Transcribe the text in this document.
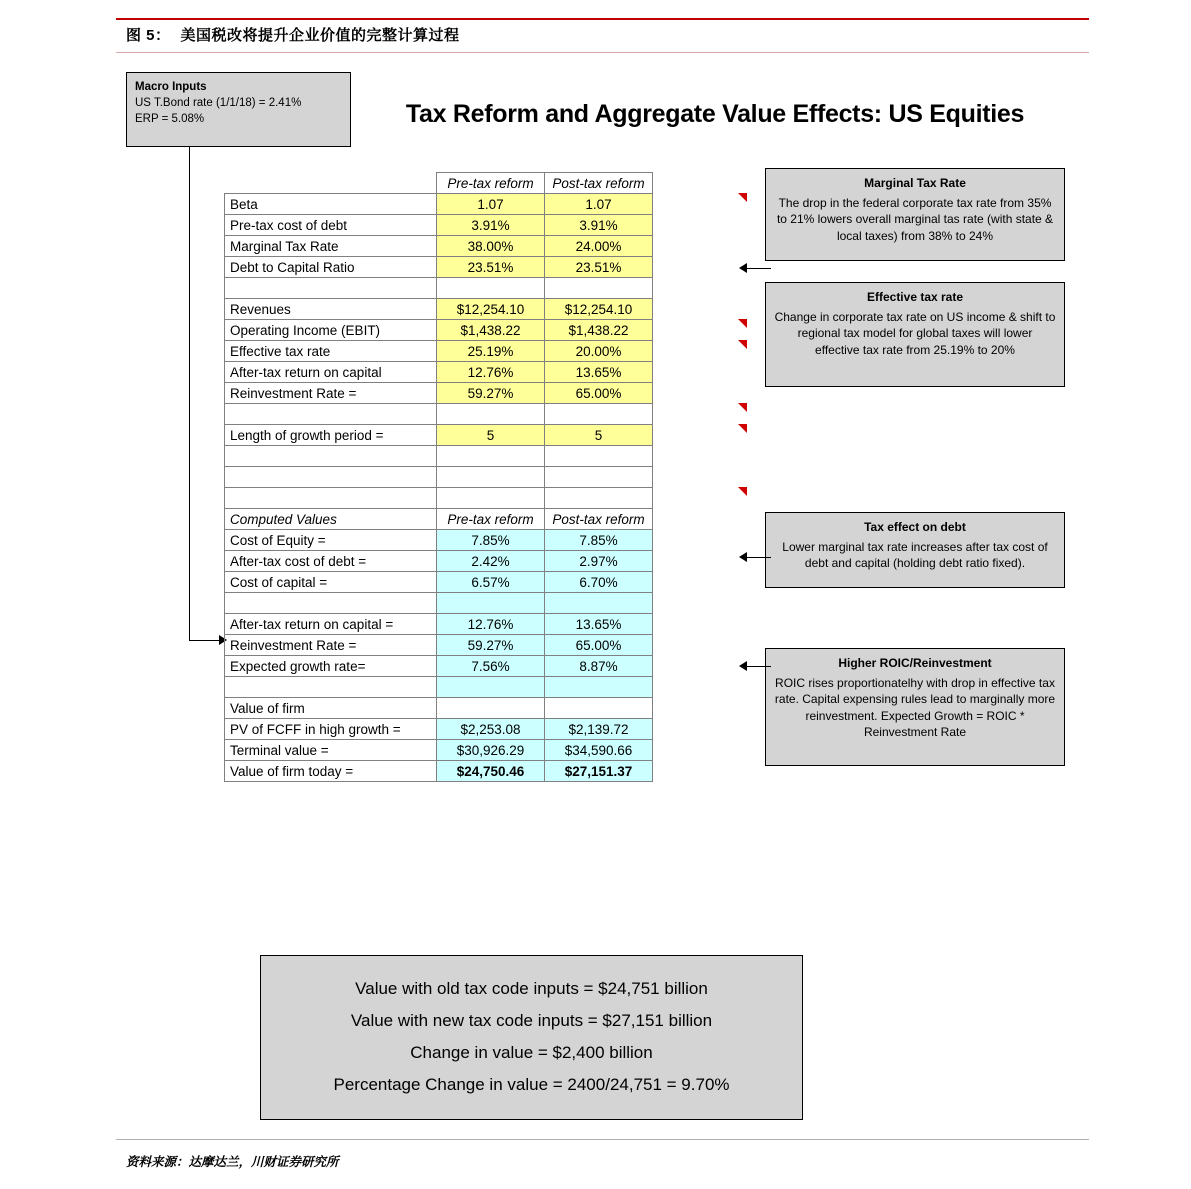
图 5： 美国税改将提升企业价值的完整计算过程
Tax Reform and Aggregate Value Effects: US Equities
Macro Inputs
US T.Bond rate (1/1/18) = 2.41%
ERP = 5.08%
	Pre-tax reform	Post-tax reform
Beta	1.07	1.07
Pre-tax cost of debt	3.91%	3.91%
Marginal Tax Rate	38.00%	24.00%
Debt to Capital Ratio	23.51%	23.51%

Revenues	$12,254.10	$12,254.10
Operating Income (EBIT)	$1,438.22	$1,438.22
Effective tax rate	25.19%	20.00%
After-tax return on capital	12.76%	13.65%
Reinvestment Rate =	59.27%	65.00%

Length of growth period =	5	5

Computed Values	Pre-tax reform	Post-tax reform
Cost of Equity =	7.85%	7.85%
After-tax cost of debt =	2.42%	2.97%
Cost of capital =	6.57%	6.70%

After-tax return on capital =	12.76%	13.65%
Reinvestment Rate =	59.27%	65.00%
Expected growth rate=	7.56%	8.87%

Value of firm		
PV of FCFF in high growth =	$2,253.08	$2,139.72
Terminal value =	$30,926.29	$34,590.66
Value of firm today =	$24,750.46	$27,151.37
Marginal Tax Rate
The drop in the federal corporate tax rate from 35% to 21% lowers overall marginal tas rate (with state & local taxes) from 38% to 24%
Effective tax rate
Change in corporate tax rate on US income & shift to regional tax model for global taxes will lower effective tax rate from 25.19% to 20%
Tax effect on debt
Lower marginal tax rate increases after tax cost of debt and capital (holding debt ratio fixed).
Higher ROIC/Reinvestment
ROIC rises proportionatelhy with drop in effective tax rate. Capital expensing rules lead to marginally more reinvestment. Expected Growth = ROIC * Reinvestment Rate
Value with old tax code inputs = $24,751 billion
Value with new tax code inputs = $27,151 billion
Change in value = $2,400 billion
Percentage Change in value = 2400/24,751 = 9.70%
资料来源：达摩达兰，川财证券研究所
